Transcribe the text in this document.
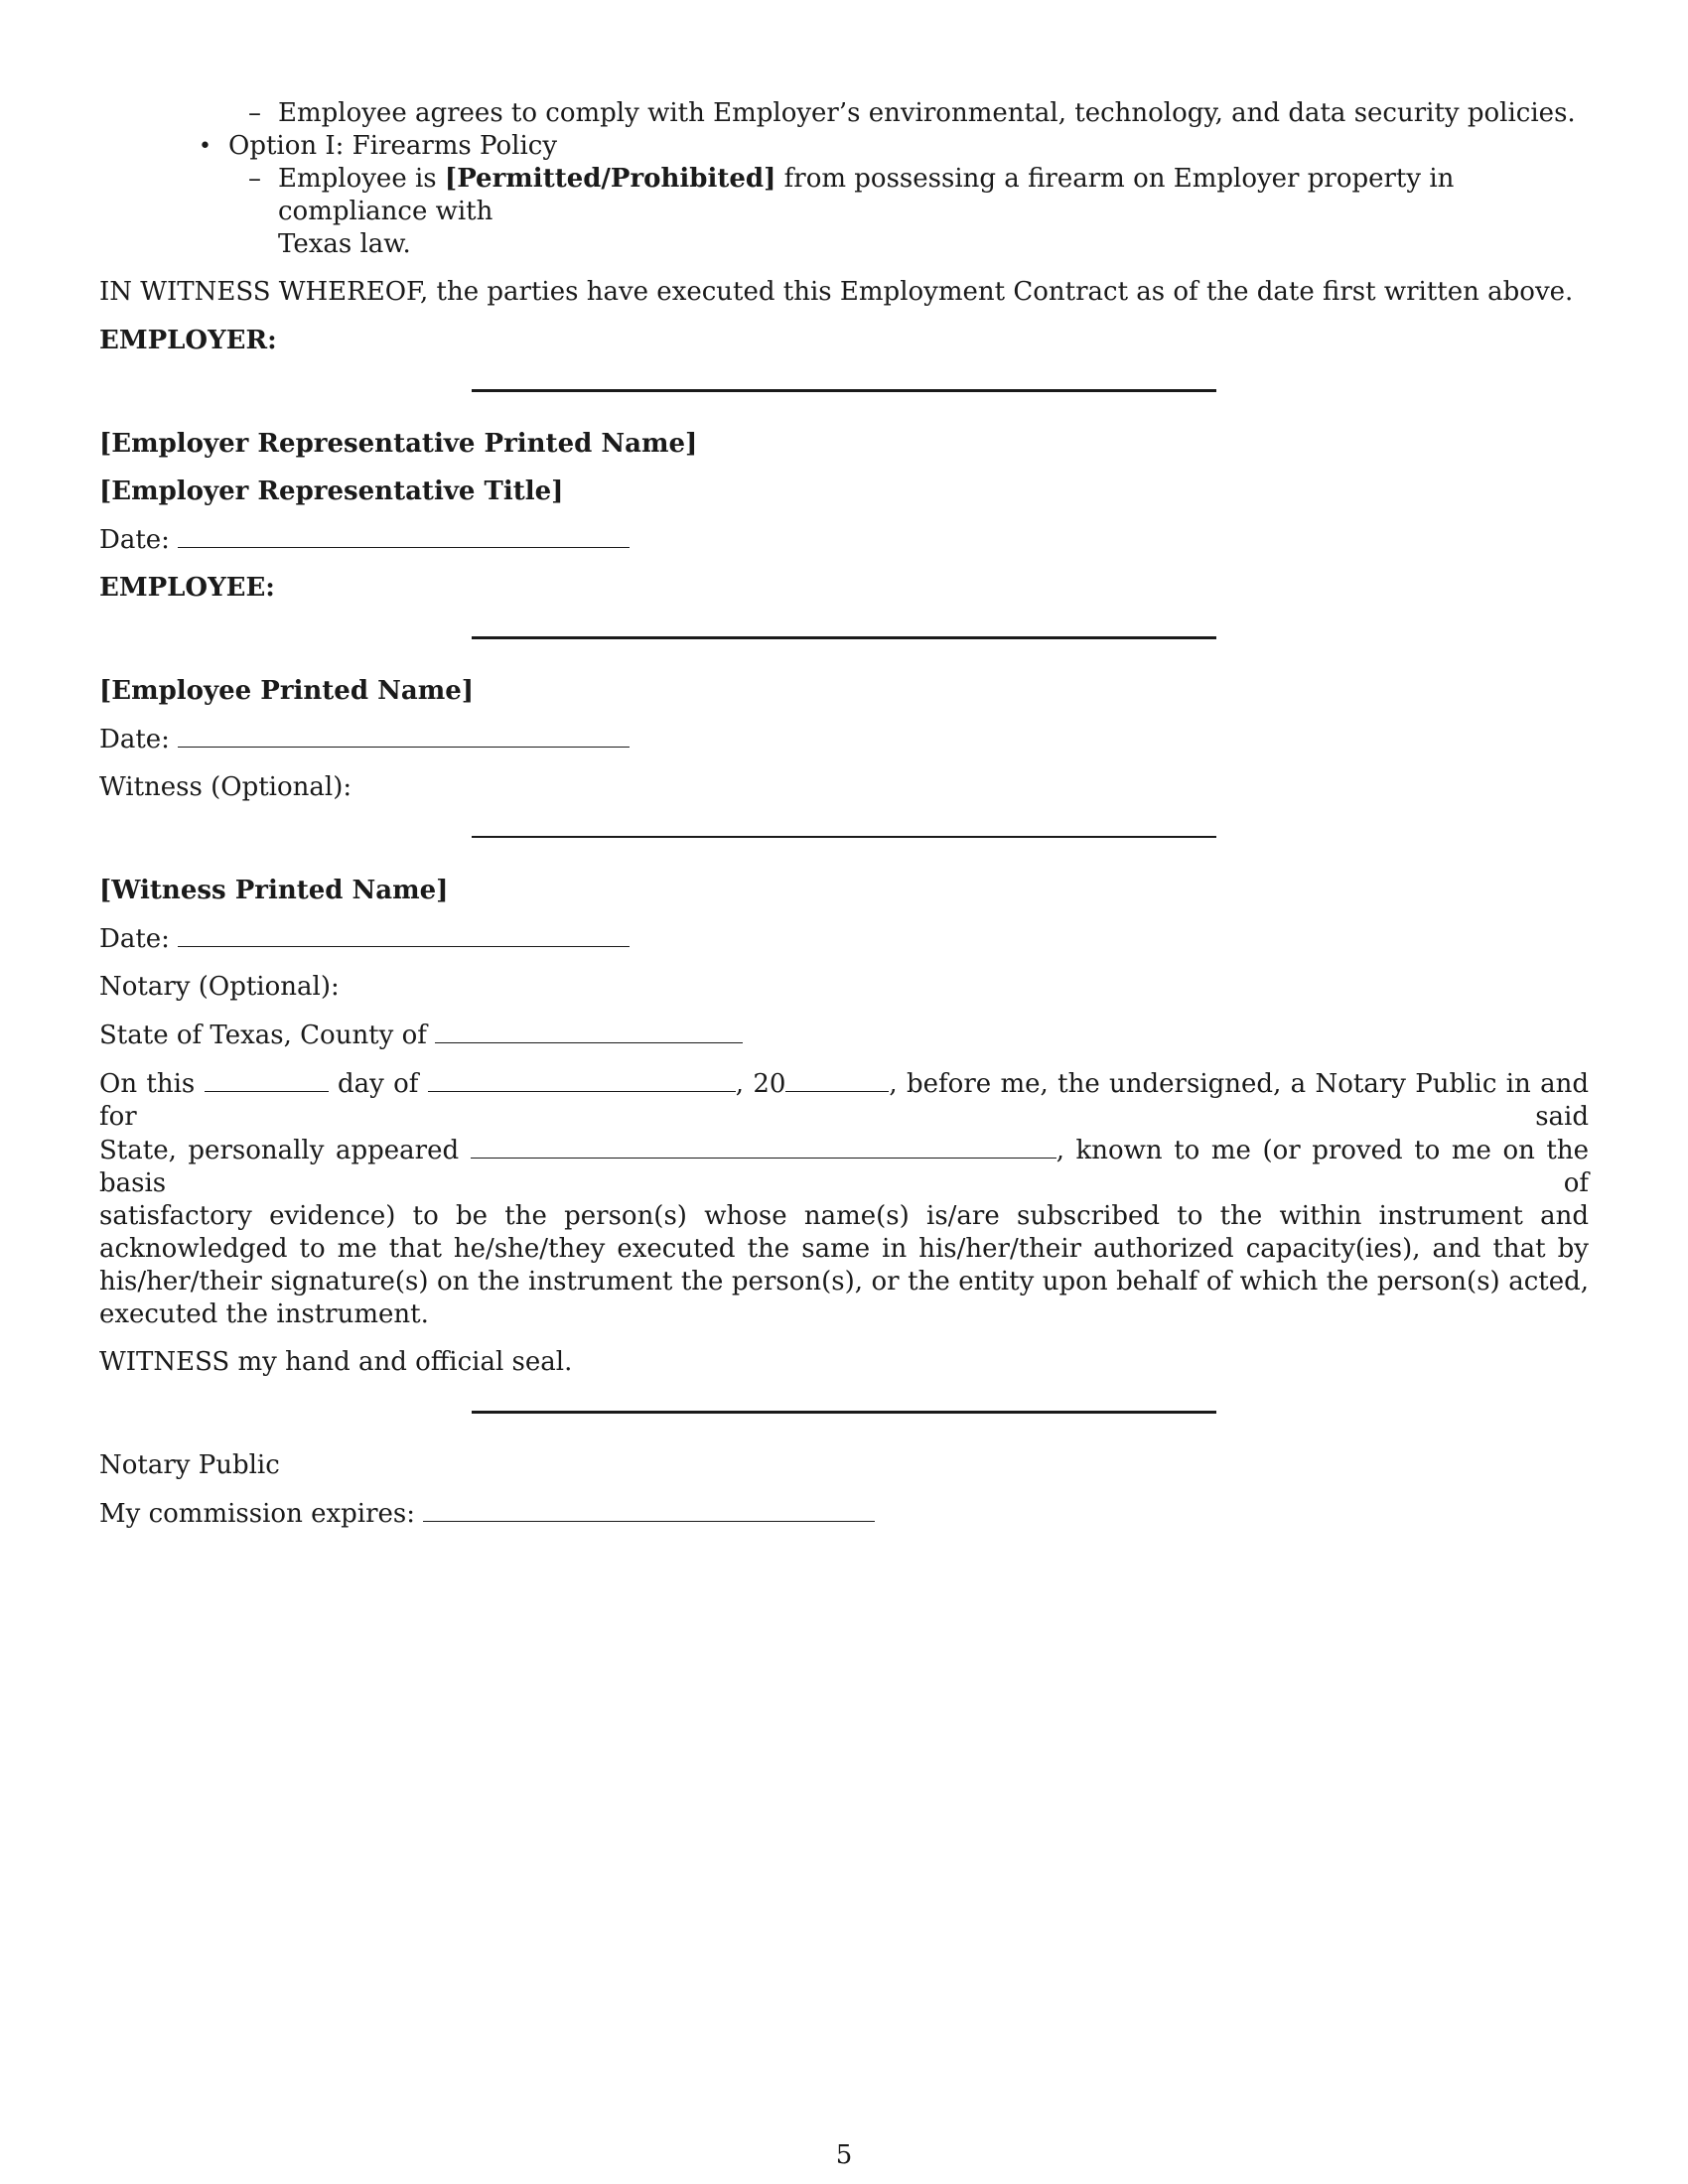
– Employee agrees to comply with Employer’s environmental, technology, and data security policies.

• Option I: Firearms Policy

– Employee is [Permitted/Prohibited] from possessing a firearm on Employer property in compliance with

Texas law.

IN WITNESS WHEREOF, the parties have executed this Employment Contract as of the date first written above.

EMPLOYER:

[Employer Representative Printed Name]

[Employer Representative Title]

Date:

EMPLOYEE:

[Employee Printed Name]

Date:

Witness (Optional):

[Witness Printed Name]

Date:

Notary (Optional):

State of Texas, County of

On this	day of	, 20	, before me, the undersigned, a Notary Public in and for said

State, personally appeared	, known to me (or proved to me on the basis of

satisfactory evidence) to be the person(s) whose name(s) is/are subscribed to the within instrument and acknowledged to me that he/she/they executed the same in his/her/their authorized capacity(ies), and that by his/her/their signature(s) on the instrument the person(s), or the entity upon behalf of which the person(s) acted, executed the instrument.

WITNESS my hand and official seal.

Notary Public

My commission expires:

5
